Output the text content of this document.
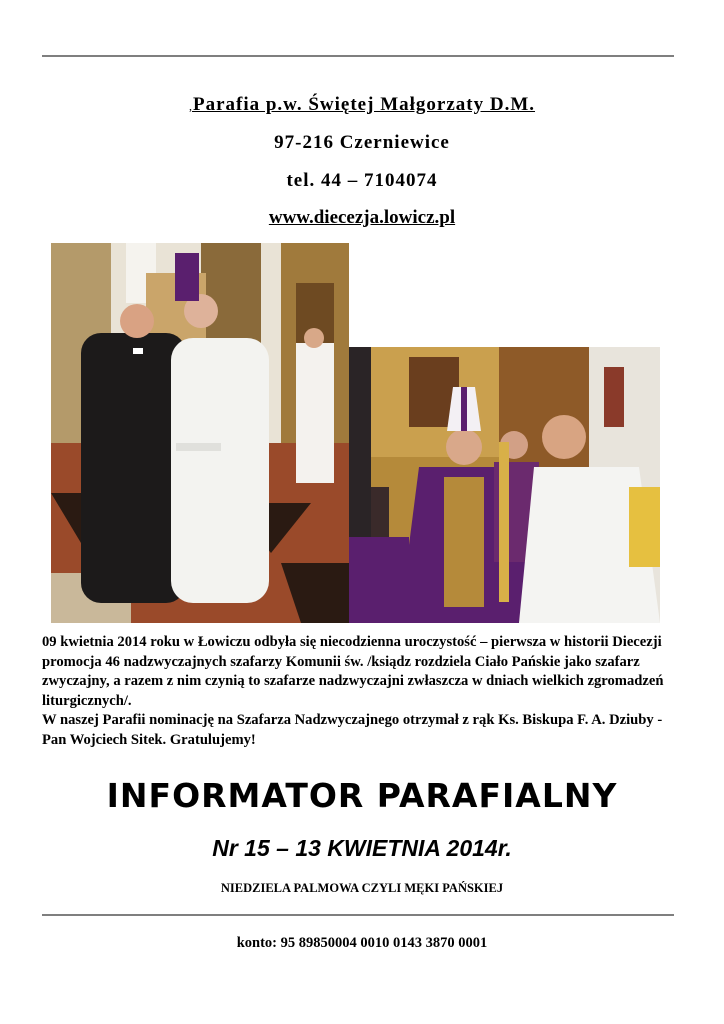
,Parafia p.w. Świętej Małgorzaty D.M.
97-216 Czerniewice
tel. 44 – 7104074
www.diecezja.lowicz.pl

09 kwietnia 2014 roku w Łowiczu odbyła się niecodzienna uroczystość – pierwsza w historii Diecezji promocja 46 nadzwyczajnych szafarzy Komunii św. /ksiądz rozdziela Ciało Pańskie jako szafarz zwyczajny, a razem z nim czynią to szafarze nadzwyczajni zwłaszcza w dniach wielkich zgromadzeń liturgicznych/.

W naszej Parafii nominację na Szafarza Nadzwyczajnego otrzymał z rąk Ks. Biskupa F. A. Dziuby - Pan Wojciech Sitek. Gratulujemy!

INFORMATOR PARAFIALNY
Nr 15 – 13 KWIETNIA 2014r.
NIEDZIELA PALMOWA CZYLI MĘKI PAŃSKIEJ
konto: 95 89850004 0010 0143 3870 0001
